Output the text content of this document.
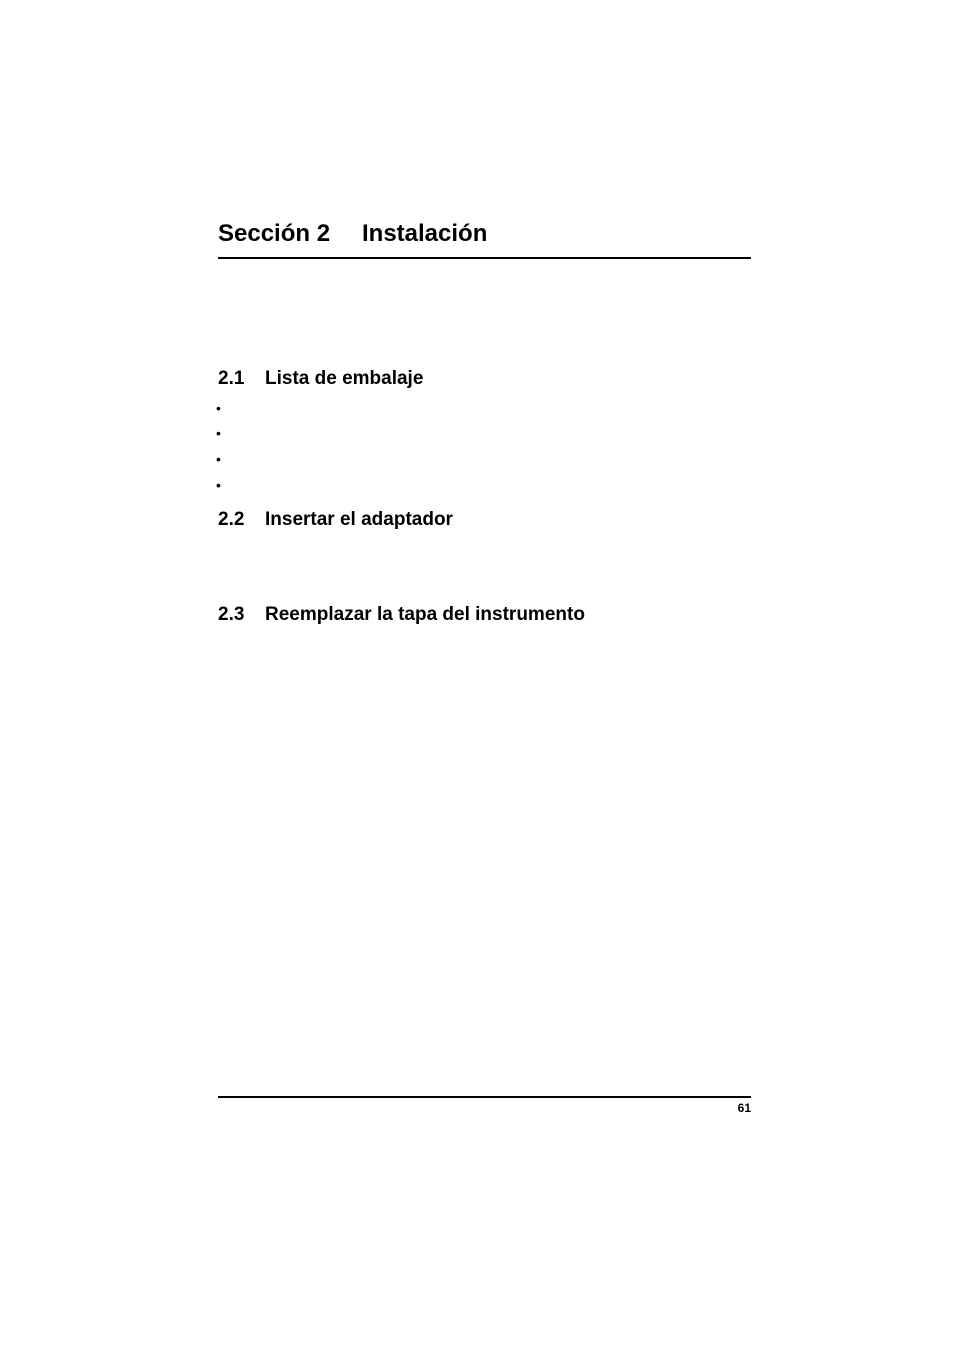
Sección 2 Instalación
2.1 Lista de embalaje
•
•
•
•
2.2 Insertar el adaptador
2.3 Reemplazar la tapa del instrumento
61
